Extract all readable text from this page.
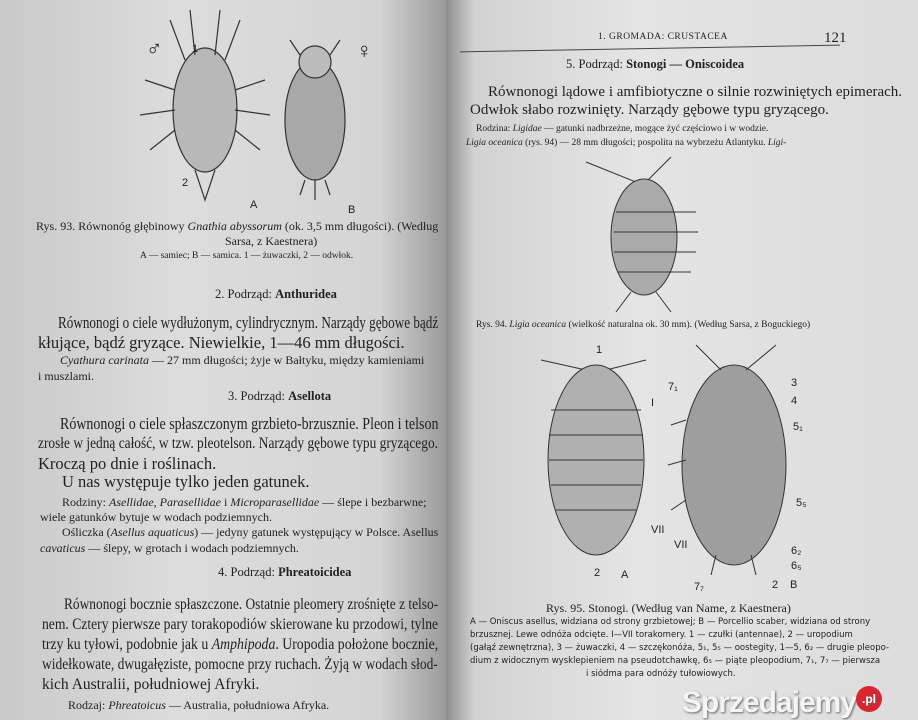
♂	♀
A	B
1
2
Rys. 93. Równonóg głębinowy Gnathia abyssorum (ok. 3,5 mm długości). (Według
Sarsa, z Kaestnera)
A — samiec; B — samica. 1 — żuwaczki, 2 — odwłok.
2. Podrząd: Anthuridea
Równonogi o ciele wydłużonym, cylindrycznym. Narządy gębowe bądź
kłujące, bądź gryzące. Niewielkie, 1—46 mm długości.
Cyathura carinata — 27 mm długości; żyje w Bałtyku, między kamieniami
i muszlami.
3. Podrząd: Asellota
Równonogi o ciele spłaszczonym grzbieto-brzusznie. Pleon i telson
zrosłe w jedną całość, w tzw. pleotelson. Narządy gębowe typu gryzącego.
Kroczą po dnie i roślinach.
U nas występuje tylko jeden gatunek.
Rodziny: Asellidae, Parasellidae i Microparasellidae — ślepe i bezbarwne;
wiele gatunków bytuje w wodach podziemnych.
Ośliczka (Asellus aquaticus) — jedyny gatunek występujący w Polsce. Asellus
cavaticus — ślepy, w grotach i wodach podziemnych.
4. Podrząd: Phreatoicidea
Równonogi bocznie spłaszczone. Ostatnie pleomery zrośnięte z telso-
nem. Cztery pierwsze pary torakopodiów skierowane ku przodowi, tylne
trzy ku tyłowi, podobnie jak u Amphipoda. Uropodia położone bocznie,
widełkowate, dwugałęziste, pomocne przy ruchach. Żyją w wodach słod-
kich Australii, południowej Afryki.
Rodzaj: Phreatoicus — Australia, południowa Afryka.
1. GROMADA: CRUSTACEA	121
5. Podrząd: Stonogi — Oniscoidea
Równonogi lądowe i amfibiotyczne o silnie rozwiniętych epimerach.
Odwłok słabo rozwinięty. Narządy gębowe typu gryzącego.
Rodzina: Ligidae — gatunki nadbrzeżne, mogące żyć częściowo i w wodzie.
Ligia oceanica (rys. 94) — 28 mm długości; pospolita na wybrzeżu Atlantyku. Ligi-
Rys. 94. Ligia oceanica (wielkość naturalna ok. 30 mm). (Według Sarsa, z Boguckiego)
1
I
VII
2 A
7₁	3
4
5₁
5₅
VII	6₂
6₅
7₇	2 B
Rys. 95. Stonogi. (Według van Name, z Kaestnera)
A — Oniscus asellus, widziana od strony grzbietowej; B — Porcellio scaber, widziana od strony
brzusznej. Lewe odnóża odcięte. I—VII torakomery. 1 — czułki (antennae), 2 — uropodium
(gałąź zewnętrzna), 3 — żuwaczki, 4 — szczękonóża, 5₁, 5₅ — oostegity, 1—5, 6₂ — drugie pleopo-
dium z widocznym wysklepieniem na pseudotchawkę, 6₅ — piąte pleopodium, 7₁, 7₇ — pierwsza
i siódma para odnóży tułowiowych.
Sprzedajemy .pl
